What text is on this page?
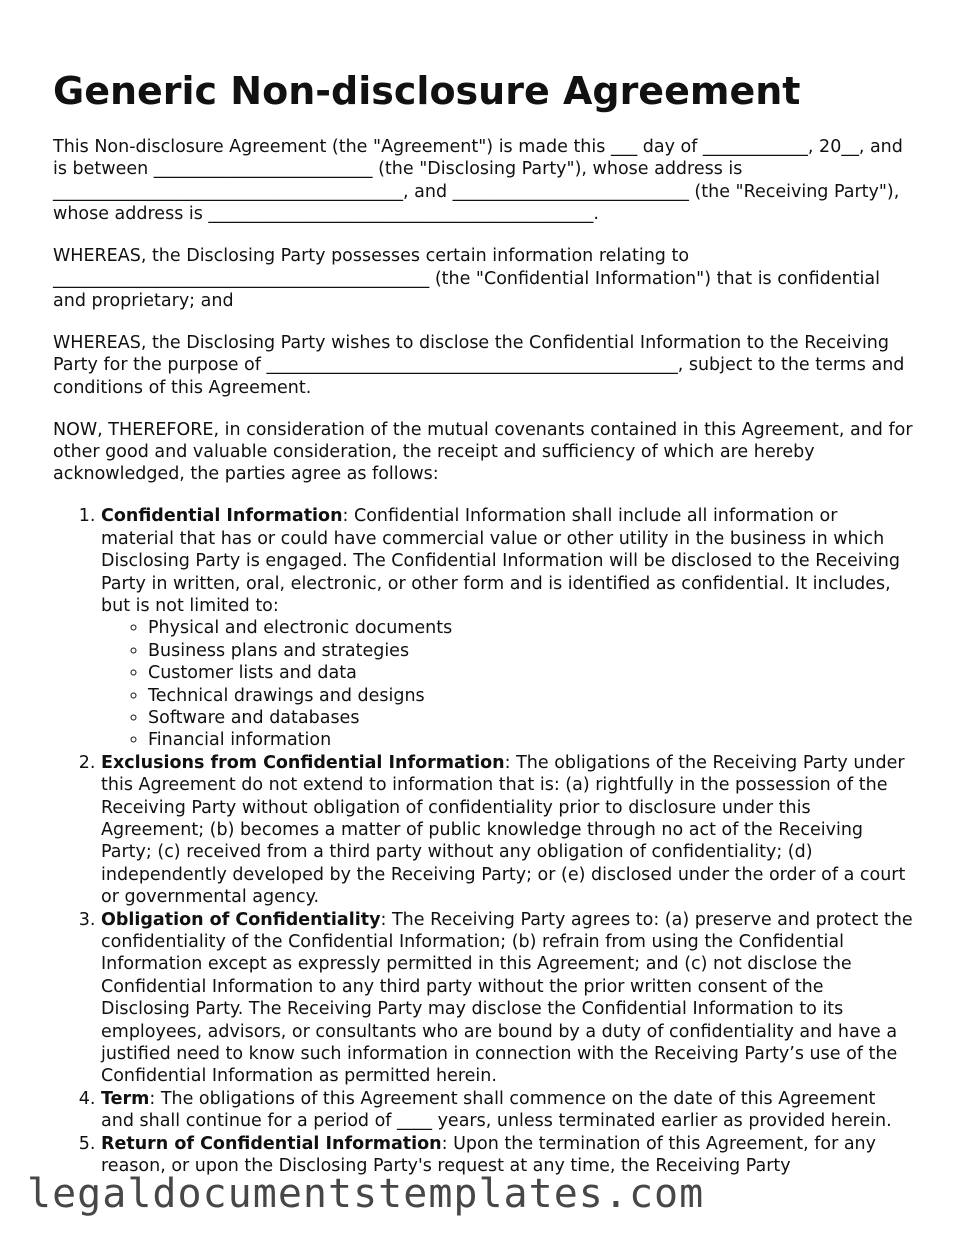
Generic Non-disclosure Agreement

This Non-disclosure Agreement (the "Agreement") is made this ___ day of ____________, 20__, and is between _________________________ (the "Disclosing Party"), whose address is ________________________________________, and ___________________________ (the "Receiving Party"), whose address is ____________________________________________.

WHEREAS, the Disclosing Party possesses certain information relating to ___________________________________________ (the "Confidential Information") that is confidential and proprietary; and

WHEREAS, the Disclosing Party wishes to disclose the Confidential Information to the Receiving Party for the purpose of _______________________________________________, subject to the terms and conditions of this Agreement.

NOW, THEREFORE, in consideration of the mutual covenants contained in this Agreement, and for other good and valuable consideration, the receipt and sufficiency of which are hereby acknowledged, the parties agree as follows:

1. Confidential Information: Confidential Information shall include all information or material that has or could have commercial value or other utility in the business in which Disclosing Party is engaged. The Confidential Information will be disclosed to the Receiving Party in written, oral, electronic, or other form and is identified as confidential. It includes, but is not limited to:
◦ Physical and electronic documents
◦ Business plans and strategies
◦ Customer lists and data
◦ Technical drawings and designs
◦ Software and databases
◦ Financial information
2. Exclusions from Confidential Information: The obligations of the Receiving Party under this Agreement do not extend to information that is: (a) rightfully in the possession of the Receiving Party without obligation of confidentiality prior to disclosure under this Agreement; (b) becomes a matter of public knowledge through no act of the Receiving Party; (c) received from a third party without any obligation of confidentiality; (d) independently developed by the Receiving Party; or (e) disclosed under the order of a court or governmental agency.
3. Obligation of Confidentiality: The Receiving Party agrees to: (a) preserve and protect the confidentiality of the Confidential Information; (b) refrain from using the Confidential Information except as expressly permitted in this Agreement; and (c) not disclose the Confidential Information to any third party without the prior written consent of the Disclosing Party. The Receiving Party may disclose the Confidential Information to its employees, advisors, or consultants who are bound by a duty of confidentiality and have a justified need to know such information in connection with the Receiving Party’s use of the Confidential Information as permitted herein.
4. Term: The obligations of this Agreement shall commence on the date of this Agreement and shall continue for a period of ____ years, unless terminated earlier as provided herein.
5. Return of Confidential Information: Upon the termination of this Agreement, for any reason, or upon the Disclosing Party's request at any time, the Receiving Party
legaldocumentstemplates.com
